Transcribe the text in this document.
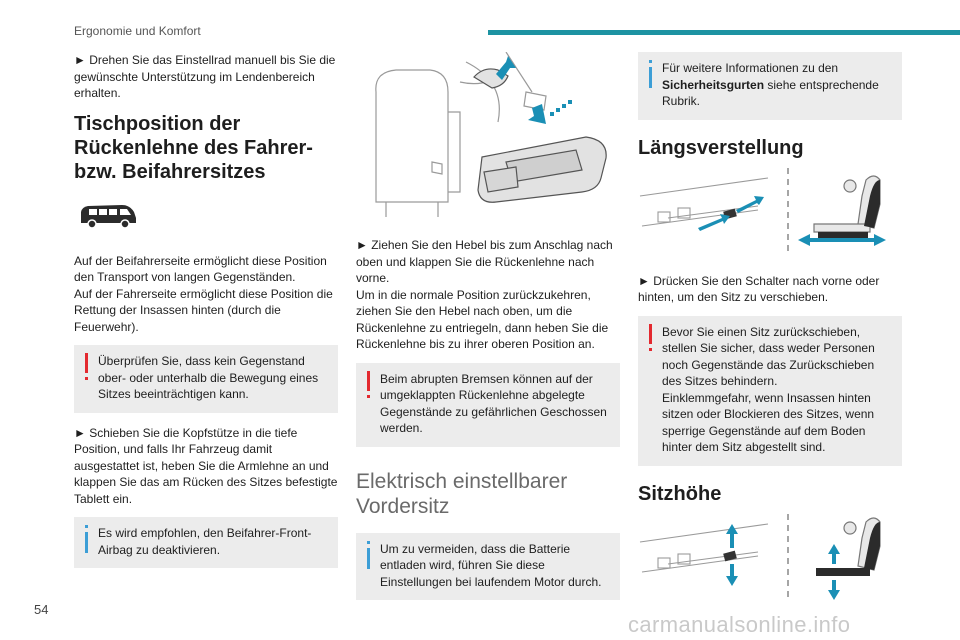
Ergonomie und Komfort

► Drehen Sie das Einstellrad manuell bis Sie die gewünschte Unterstützung im Lendenbereich erhalten.

Tischposition der Rückenlehne des Fahrer- bzw. Beifahrersitzes

Auf der Beifahrerseite ermöglicht diese Position den Transport von langen Gegenständen.
Auf der Fahrerseite ermöglicht diese Position die Rettung der Insassen hinten (durch die Feuerwehr).

Überprüfen Sie, dass kein Gegenstand ober- oder unterhalb die Bewegung eines Sitzes beeinträchtigen kann.

► Schieben Sie die Kopfstütze in die tiefe Position, und falls Ihr Fahrzeug damit ausgestattet ist, heben Sie die Armlehne an und klappen Sie das am Rücken des Sitzes befestigte Tablett ein.

Es wird empfohlen, den Beifahrer-Front-Airbag zu deaktivieren.

► Ziehen Sie den Hebel bis zum Anschlag nach oben und klappen Sie die Rückenlehne nach vorne.
Um in die normale Position zurückzukehren, ziehen Sie den Hebel nach oben, um die Rückenlehne zu entriegeln, dann heben Sie die Rückenlehne bis zu ihrer oberen Position an.

Beim abrupten Bremsen können auf der umgeklappten Rückenlehne abgelegte Gegenstände zu gefährlichen Geschossen werden.
Elektrisch einstellbarer Vordersitz
Um zu vermeiden, dass die Batterie entladen wird, führen Sie diese Einstellungen bei laufendem Motor durch.
Für weitere Informationen zu den Sicherheitsgurten siehe entsprechende Rubrik.
Längsverstellung

► Drücken Sie den Schalter nach vorne oder hinten, um den Sitz zu verschieben.

Bevor Sie einen Sitz zurückschieben, stellen Sie sicher, dass weder Personen noch Gegenstände das Zurückschieben des Sitzes behindern.
Einklemmgefahr, wenn Insassen hinten sitzen oder Blockieren des Sitzes, wenn sperrige Gegenstände auf dem Boden hinter dem Sitz abgestellt sind.
Sitzhöhe
54
carmanualsonline.info
